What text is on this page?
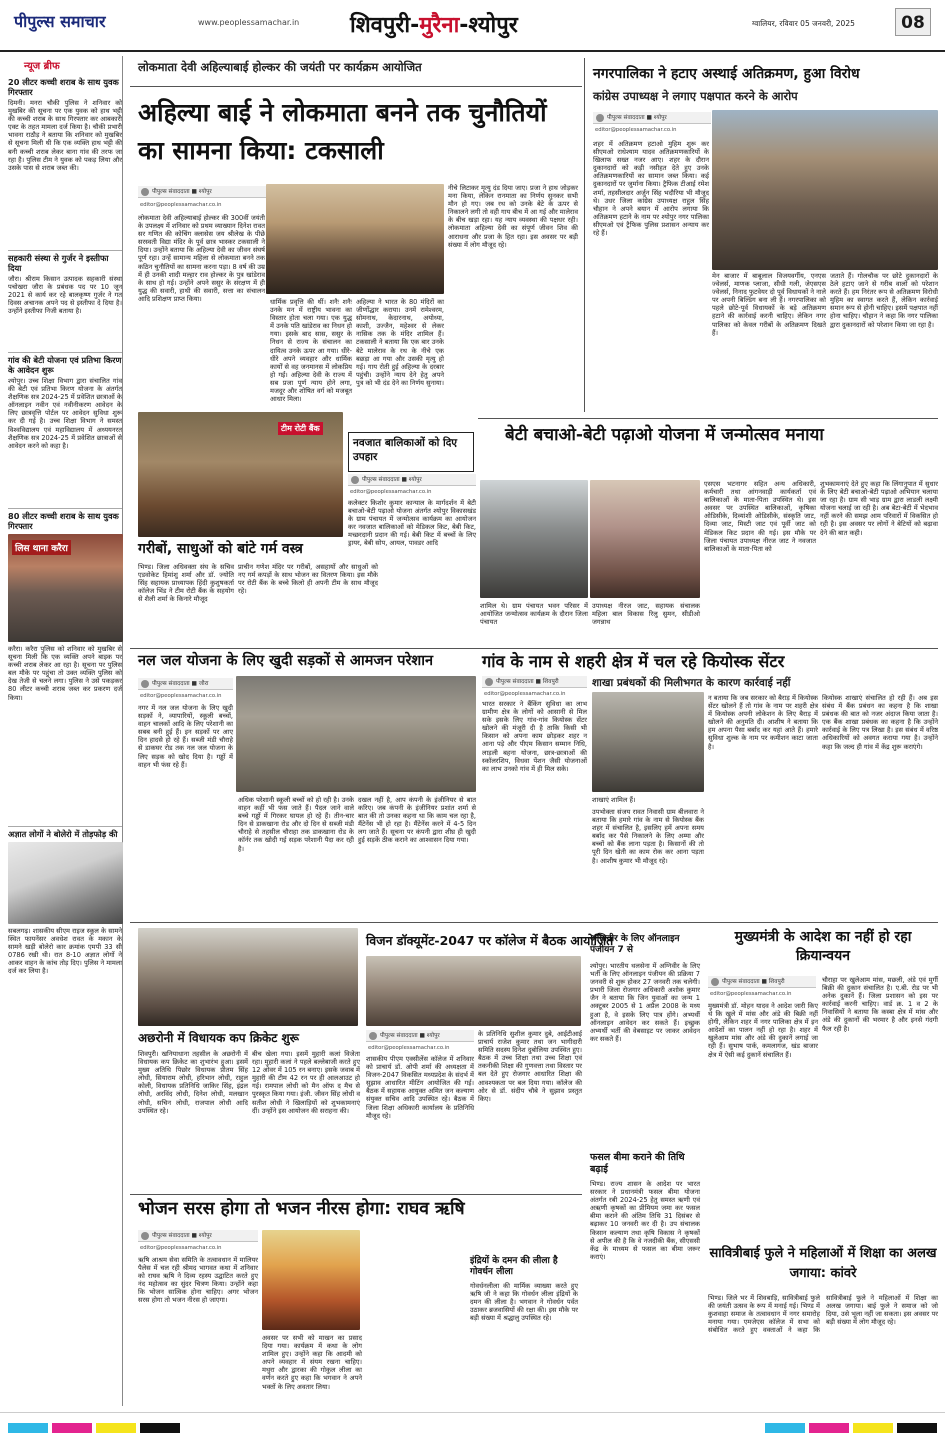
पीपुल्स समाचार	www.peoplessamachar.in शिवपुरी-मुरैना-श्योपुर	ग्वालियर, रविवार 05 जनवरी, 2025	08
न्यूज ब्रीफ
20 लीटर कच्ची शराब के साथ युवक गिरफ्तार
दिमनी। मनरा चौकी पुलिस ने शनिवार को मुखबिर की सूचना पर एक युवक को हाथ भट्टी की कच्ची शराब के साथ गिरफ्तार कर आबकारी एक्ट के तहत मामला दर्ज किया है। चौकी प्रभारी भावना राठौड़ ने बताया कि शनिवार को मुखबिर से सूचना मिली थी कि एक व्यक्ति हाथ भट्टी की बनी कच्ची शराब लेकर बाना गांव की तरफ जा रहा है। पुलिस टीम ने युवक को पकड़ लिया और उसके पास से शराब जब्त की।
सहकारी संस्था से गुर्जर ने इस्तीफा दिया
जौरा। श्रीराम किसान उत्पादक सहकारी संस्था पचोखरा जौरा के प्रबंधक पद पर 10 जून 2021 से कार्य कर रहे बालकृष्ण गुर्जर ने गत दिवस अचानक अपने पद से इस्तीफा दे दिया है। उन्होंने इस्तीफा निजी बताया है।
गांव की बेटी योजना एवं प्रतिभा किरण के आवेदन शुरू
श्योपुर। उच्च शिक्षा विभाग द्वारा संचालित गांव की बेटी एवं प्रतिभा किरण योजना के अंतर्गत शैक्षणिक सत्र 2024-25 में प्रवेशित छात्राओं के ऑनलाइन नवीन एवं नवीनीकरण आवेदन के लिए छात्रवृत्ति पोर्टल पर आवेदन सुविधा शुरू कर दी गई है। उच्च शिक्षा विभाग ने समस्त विश्वविद्यालय एवं महाविद्यालय में अध्ययनरत शैक्षणिक सत्र 2024-25 में प्रवेशित छात्राओं से आवेदन करने को कहा है।
80 लीटर कच्ची शराब के साथ युवक गिरफ्तार
लिस थाना करैरा
करैरा। करैरा पुलिस को शनिवार को मुखबिर से सूचना मिली कि एक व्यक्ति अपने बाइक पर कच्ची शराब लेकर आ रहा है। सूचना पर पुलिस बल मौके पर पहुंचा तो उक्त व्यक्ति पुलिस को देख तेजी से चलने लगा। पुलिस ने उसे पकड़कर 80 लीटर कच्ची शराब जब्त कर प्रकरण दर्ज किया।
अज्ञात लोगों ने बोलेरो में तोड़फोड़ की
सबलगढ़। शासकीय सीएम राइज स्कूल के सामने स्थित फायनेंसर अवधेश रावत के मकान के सामने खड़ी बोलेरो कार क्रमांक एमपी 33 सी 0786 रखी थी। रात 8-10 अज्ञात लोगों ने आकर वाहन के कांच तोड़ दिए। पुलिस ने मामला दर्ज कर लिया है।
लोकमाता देवी अहिल्याबाई होल्कर की जयंती पर कार्यक्रम आयोजित
अहिल्या बाई ने लोकमाता बनने तक चुनौतियों का सामना किया: टकसाली
पीपुल्स संवाददाता ■ श्योपुर
editor@peoplessamachar.co.in
लोकमाता देवी अहिल्याबाई होल्कर की 300वीं जयंती के उपलक्ष्य में शनिवार को प्रथम व्याख्यान दिनेश रावत सर गणित की कोचिंग क्लासेस जय श्रीलेख के पीछे सरस्वती विद्या मंदिर के पूर्व छात्र भास्कर टकसाली ने दिया। उन्होंने बताया कि अहिल्या देवी का जीवन संघर्ष पूर्ण रहा। उन्हें सामान्य महिला से लोकमाता बनने तक कठिन चुनौतियों का सामना करना पड़ा। 8 वर्ष की उम्र में ही उनकी शादी मल्हार राव होल्कर के पुत्र खांडेराव के साथ हो गई। उन्होंने अपने ससुर के संरक्षण में ही युद्ध की सवारी, हाथी की सवारी, सत्ता का संचालन आदि प्रशिक्षण प्राप्त किया।	धार्मिक प्रवृत्ति की थीं। शनैः शनैः उनके मन में राष्ट्रीय भावना का विस्तार होता चला गया। एक युद्ध में उनके पति खांडेराव का निधन हो गया। इसके बाद सास, ससुर के निधन से राज्य के संचालन का दायित्व उनके ऊपर आ गया। धीरे-धीरे अपने व्यवहार और धार्मिक कार्यों से वह जनमानस में लोकप्रिय हो गईं। अहिल्या देवी के राज्य में सब प्रजा पूर्ण न्याय होने लगा, मजदूर और शोषित वर्ग को मजबूत आधार मिला।
अहिल्या ने भारत के 80 मंदिरों का जीर्णोद्धार कराया। उनमें रामेश्वरम, सोमनाथ, केदारनाथ, अयोध्या, काशी, उज्जैन, महेश्वर से लेकर नासिक तक के मंदिर शामिल हैं। टकसाली ने बताया कि एक बार उनके बेटे मालेराव के रथ के नीचे एक बछड़ा आ गया और उसकी मृत्यु हो गई। गाय रोती हुई अहिल्या के दरबार पहुंची। उन्होंने न्याय देने हेतु अपने पुत्र को भी दंड देने का निर्णय सुनाया।
नीचे लिटाकर मृत्यु दंड दिया जाए। प्रजा ने हाथ जोड़कर मना किया, लेकिन रानमाता का निर्णय सुनकर सभी मौन हो गए। जब रथ को उनके बेटे के ऊपर से निकालने लगी तो वही गाय बीच में आ गई और मालेराव के बीच खड़ा रहा। यह न्याय व्यवस्था की पक्षधर रही। लोकमाता अहिल्या देवी का संपूर्ण जीवन शिव की आराधना और प्रजा के हित रहा। इस अवसर पर बड़ी संख्या में लोग मौजूद रहे।
टीम रोटी बैंक
गरीबों, साधुओं को बांटे गर्म वस्त्र
भिण्ड। जिला अधिवक्ता संघ के सचिव एडवोकेट हिमांशु शर्मा और डॉ. ज्योति सिंह सहायक प्राध्यापक हिंदी कुशुषकर्ता कॉलेज भिंड ने टीम रोटी बैंक के सहयोग से शैली शर्मा के किनारे मौजूद
प्राचीन गणेश मंदिर पर गरीबों, असहायों और साधुओं को नए गर्म कपड़ों के साथ भोजन का वितरण किया। इस मौके पर रोटी बैंक के बच्चे किलो ही अपनी टीम के साथ मौजूद रहे।
नवजात बालिकाओं को दिए उपहार
पीपुल्स संवाददाता ■ श्योपुर
editor@peoplessamachar.co.in
कलेक्टर किशोर कुमार कान्याल के मार्गदर्शन में बेटी बचाओ-बेटी पढ़ाओ योजना अंतर्गत श्योपुर विकासखंड के ग्राम पंचायत में जन्मोत्सव कार्यक्रम का आयोजन कर नवजात बालिकाओं को मेडिकल किट, बेबी किट, मच्छरदानी प्रदान की गई। बेबी किट में बच्चों के लिए ड्रायर, बेबी सोप, आयल, पावडर आदि
नगरपालिका ने हटाए अस्थाई अतिक्रमण, हुआ विरोध
कांग्रेस उपाध्यक्ष ने लगाए पक्षपात करने के आरोप
पीपुल्स संवाददाता ■ श्योपुर
editor@peoplessamachar.co.in
शहर में अतिक्रमण हटाओ मुहिम शुरू कर सीएमओ राधेश्याम यादव अतिक्रमणकारियों के खिलाफ सख्त नजर आए। शहर के दौरान दुकानदारों को कड़ी नसीहत देते हुए उनके अतिक्रमणकारियों का सामान जब्त किया। कई दुकानदारों पर जुर्माना किया। ट्रैफिक टीआई रमेश शर्मा, तहसीलदार अर्जुन सिंह भदौरिया भी मौजूद थे। उधर जिला कांग्रेस उपाध्यक्ष राहुल सिंह चौहान ने अपने बयान में आरोप लगाया कि अतिक्रमण हटाने के नाम पर श्योपुर नगर पालिका सीएमओ एवं ट्रैफिक पुलिस प्रशासन अन्याय कर रहे हैं।
मेन बाजार में बाबूलाल विजयवर्गीय, एनएस ज्वेलर्स, माणक प्लाजा, सीधी गली, जेएसएस ज्वेलर्स, निनाद फुटवेयर दो पूर्व विधायकों ने नाले पर अपनी बिल्डिंग बना ली हैं। नगरपालिका को पहले छोटे-पूर्व विधायकों के बड़े अतिक्रमण हटाने की कार्रवाई करनी चाहिए। लेकिन नगर पालिका को केवल गरीबों के अतिक्रमण दिखते हैं।
जताते हैं। गोलचौक पर छोटे दुकानदारों के ठेले हटाए जाने से गरीब वालों को परेशान करते हैं। हम निरंतर रूप से अतिक्रमण विरोधी मुहिम का स्वागत करते हैं, लेकिन कार्रवाई समान रूप से होनी चाहिए। इसमें पक्षपात नहीं होना चाहिए। चौहान ने कहा कि नगर पालिका द्वारा दुकानदारों को परेशान किया जा रहा है।
बेटी बचाओ-बेटी पढ़ाओ योजना में जन्मोत्सव मनाया
शामिल थे। ग्राम पंचायत भवन परिसर में आयोजित जन्मोत्सव कार्यक्रम के दौरान जिला पंचायत
उपाध्यक्ष नीरज जाट, सहायक संचालक महिला बाल विकास रिलु सुमन, सीडीओ जगन्नाथ
एसएस भटनागर सहित अन्य अधिकारी, कर्मचारी तथा आंगनवाड़ी कार्यकर्ता एवं बालिकाओं के माता-पिता उपस्थित थे। इस अवसर पर उपस्थित बालिकाओं, कृषिका ओडिसीके, दिव्यांशी ओडिसीके, संस्कृति जाट, दिव्या जाट, मिस्टी जाट एवं पूर्वी जाट को मेडिकल किट प्रदान की गई। इस मौके पर जिला पंचायत उपाध्यक्ष नीरज जाट ने नवजात बालिकाओं के माता-पिता को
शुभकामनाएं देते हुए कहा कि लिंगानुपात में सुधार के लिए बेटी बचाओ-बेटी पढ़ाओ अभियान चलाया जा रहा है। ग्राम सी भाड़ ग्राम द्वारा लाडली लक्ष्मी योजना चलाई जा रही है। अब बेटा-बेटी में भेदभाव नहीं करने की समझ आम परिवारों में विकसित हो रही है। इस अवसर पर लोगों ने बेटियों को बढ़ावा देने की बात कही।
नल जल योजना के लिए खुदी सड़कों से आमजन परेशान
पीपुल्स संवाददाता ■ जौरा
editor@peoplessamachar.co.in
नगर में नल जल योजना के लिए खुदी सड़कों ने, व्यापारियों, स्कूली बच्चों, वाहन चालकों आदि के लिए परेशानी का सबब बनी हुई हैं। इन सड़कों पर आए दिन हादसे हो रहे हैं। सब्जी मंडी चौराहे से डाकघर रोड तक नल जल योजना के लिए सड़क को खोद दिया है। गड्ढों में वाहन भी फंस रहे हैं।
अधिक परेशानी स्कूली बच्चों को हो रही है। उनके वाहन कहीं भी फंस जाते हैं। पैदल जाने वाले बच्चे गड्ढों में गिरकर घायल हो रहे हैं। तीन-चार दिन से डाकखाना रोड और दो दिन से सब्जी मंडी चौराहे से तहसील चौराहा तक डाकखाना रोड के कॉर्नर तक खोदी गई सड़क परेशानी पैदा कर रही है।
दखल नहीं है, आप कंपनी के इंजीनियर से बात करिए। जब कंपनी के इंजीनियर प्रशांत शर्मा से बात की तो उनका कहना था कि काम चल रहा है, मैंटेनेंस भी हो रहा है। मैंटेनेंस करने में 4-5 दिन लग जाते हैं। सूचना पर कंपनी द्वारा शीघ्र ही खुदी हुई सड़कें ठीक कराने का आश्वासन दिया गया।
गांव के नाम से शहरी क्षेत्र में चल रहे कियोस्क सेंटर
शाखा प्रबंधकों की मिलीभगत के कारण कार्रवाई नहीं
पीपुल्स संवाददाता ■ शिवपुरी
editor@peoplessamachar.co.in
भारत सरकार ने बैंकिंग सुविधा का लाभ ग्रामीण क्षेत्र के लोगों को आसानी से मिल सके इसके लिए गांव-गांव कियोस्क सेंटर खोलने की मंजूरी दी है ताकि किसी भी किसान को अपना काम छोड़कर शहर न आना पड़े और पीएम किसान सम्मान निधि, लाड़ली बहना योजना, छात्र-छात्राओं की स्कॉलरशिप, विधवा पेंशन जैसी योजनाओं का लाभ उनको गांव में ही मिल सके।
शाखाएं शामिल हैं।
उपभोक्ता संजय रावत निवासी ग्राम बीलवारा ने बताया कि हमारे गांव के नाम से कियोस्क बैंक शहर में संचालित है, इसलिए हमें अपना समय बर्बाद कर पैसे निकालने के लिए अम्मा और बच्चों को बैंक लाना पड़ता है। किसानों की तो पूरी दिन खेती का काम रोक कर आना पड़ता है। आशीष कुमार भी मौजूद रहे।
न बताया कि जब सरकार को बैराड़ में कियोस्क सेंटर खोलने हैं तो गांव के नाम पर शहरी क्षेत्र में कियोस्क अपनी लोकेशन के लिए बैराड़ में खोलने की अनुमति दी। आशीष ने बताया कि हम अपना पैसा बर्बाद कर यहां आते हैं। हमारे सुविधा शुल्क के नाम पर कमीशन काटा जाता है।
कियोस्क शाखाएं संचालित हो रही हैं। अब इस संबंध में बैंक प्रबंधन का कहना है कि शाखा प्रबंधक की बात को नजर अंदाज किया जाता है। एक बैंक शाखा प्रबंधक का कहना है कि उन्होंने कार्रवाई के लिए पत्र लिखा है। इस संबंध में वरिष्ठ अधिकारियों को अवगत कराया गया है। उन्होंने कहा कि जल्द ही गांव में केंद्र शुरू कराएंगे।
अछरोनी में विधायक कप क्रिकेट शुरू
शिवपुरी। खनियाधाना तहसील के अछरोनी में विधायक कप क्रिकेट का शुभारंभ हुआ। इसमें मुख्य अतिथि पिछोर विधायक प्रीतम सिंह लोधी, सियाराम लोधी, हरिभान लोधी, राहुल कोली, विधायक प्रतिनिधि जाकिर सिंह, इंद्रल लोधी, अरविंद लोधी, दिनेश लोधी, मलखान लोधी, सचिन लोधी, राजपाल लोधी आदि उपस्थित रहे।
बीच खेला गया। इसमें मुहारी कलां विजेता रहा। मुहारी कलां ने पहले बल्लेबाजी करते हुए 12 ओवर में 105 रन बनाए। इसके जवाब में मुहारी की टीम 42 रन पर ही आलआउट हो गई। रामपाल लोधी को मैन ऑफ द मैच से पुरस्कृत किया गया। इंजी. जीवन सिंह लोधी व सतीश लोधी ने खिलाड़ियों को शुभकामनाएं दीं। उन्होंने इस आयोजन की सराहना की।
विजन डॉक्यूमेंट-2047 पर कॉलेज में बैठक आयोजित
पीपुल्स संवाददाता ■ श्योपुर
editor@peoplessamachar.co.in
शासकीय पीएम एक्सीलेंस कॉलेज में शनिवार को प्राचार्य डॉ. ओपी शर्मा की अध्यक्षता में विजन-2047 विकसित मध्यप्रदेश के संदर्भ में सुझाव आधारित मीटिंग आयोजित की गई। बैठक में सहायक आयुक्त अमित जन कल्याण संयुक्त सचिव आदि उपस्थित रहे। बैठक में जिला शिक्षा अधिकारी कार्यालय के प्रतिनिधि मौजूद रहे।
के प्रतिनिधि सुशील कुमार दुबे, आईटीआई प्राचार्य राजेश कुमार तथा जन भागीदारी समिति सदस्य दिनेश दुबोलिया उपस्थित हुए। बैठक में उच्च शिक्षा तथा उच्च शिक्षा एवं तकनीकी शिक्षा की गुणवत्ता तथा विस्तार पर बल देते हुए रोजगार आधारित शिक्षा की आवश्यकता पर बल दिया गया। कॉलेज की ओर से डॉ. संदीप चौबे ने सुझाव प्रस्तुत किए।
अग्निवीर के लिए ऑनलाइन पंजीयन 7 से
श्योपुर। भारतीय थलसेना में अग्निवीर के लिए भर्ती के लिए ऑनलाइन पंजीयन की प्रक्रिया 7 जनवरी से शुरू होकर 27 जनवरी तक चलेगी। प्रभारी जिला रोजगार अधिकारी अशोक कुमार जैन ने बताया कि जिन युवाओं का जन्म 1 अक्टूबर 2005 से 1 अप्रैल 2008 के मध्य हुआ है, वे इसके लिए पात्र होंगे। अभ्यर्थी ऑनलाइन आवेदन कर सकते हैं। इच्छुक अभ्यर्थी भर्ती की वेबसाइट पर जाकर आवेदन कर सकते हैं।
फसल बीमा कराने की तिथि बढ़ाई
भिण्ड। राज्य शासन के आदेश पर भारत सरकार ने प्रधानमंत्री फसल बीमा योजना अंतर्गत रबी 2024-25 हेतु समस्त ऋणी एवं अऋणी कृषकों का प्रीमियम जमा कर फसल बीमा कराने की अंतिम तिथि 31 दिसंबर से बढ़ाकर 10 जनवरी कर दी है। उप संचालक किसान कल्याण तथा कृषि विकास ने कृषकों से अपील की है कि वे नजदीकी बैंक, सीएससी केंद्र के माध्यम से फसल का बीमा जरूर कराएं।
मुख्यमंत्री के आदेश का नहीं हो रहा क्रियान्वयन
पीपुल्स संवाददाता ■ शिवपुरी
editor@peoplessamachar.co.in
मुख्यमंत्री डॉ. मोहन यादव ने आदेश जारी किए थे कि खुले में मांस और अंडे की बिक्री नहीं होगी, लेकिन शहर में नगर पालिका क्षेत्र में इन आदेशों का पालन नहीं हो रहा है। शहर में खुलेआम मांस और अंडे की दुकानें लगाई जा रही हैं। सुभाष पार्क, कमलागंज, खंड बाजार क्षेत्र में ऐसी कई दुकानें संचालित हैं।
चौराहा पर खुलेआम मांस, मछली, अंडे एवं मुर्गी बिक्री की दुकान संचालित है। ए.बी. रोड पर भी अनेक दुकानें हैं। जिला प्रशासन को इस पर कार्रवाई करनी चाहिए। वार्ड क्र. 1 व 2 के निवासियों ने बताया कि कस्बा क्षेत्र में मांस और अंडे की दुकानों की भरमार है और इनसे गंदगी फैल रही है।
भोजन सरस होगा तो भजन नीरस होगा: राघव ऋषि
पीपुल्स संवाददाता ■ श्योपुर
editor@peoplessamachar.co.in
ऋषि आश्रम सेवा समिति के तत्वावधान में मालियर पैलेस में चल रही श्रीमद भागवत कथा में शनिवार को राघव ऋषि ने दिव्य रहस्य उद्घाटित करते हुए नंद महोत्सव का सुंदर चित्रण किया। उन्होंने कहा कि भोजन सात्विक होना चाहिए। अगर भोजन सरस होगा तो भजन नीरस हो जाएगा।
अवसर पर सभी को माखन का प्रसाद दिया गया। कार्यक्रम में कथा के लोग शामिल हुए। उन्होंने कहा कि आदमी को अपने व्यवहार में संयम रखना चाहिए। मथुरा और द्वारका की गोकुल लीला का वर्णन करते हुए कहा कि भगवान ने अपने भक्तों के लिए अवतार लिया।
इंद्रियों के दमन की लीला है गोवर्धन लीला
गोवर्धनलीला की मार्मिक व्याख्या करते हुए ऋषि जी ने कहा कि गोवर्धन लीला इंद्रियों के दमन की लीला है। भगवान ने गोवर्धन पर्वत उठाकर ब्रजवासियों की रक्षा की। इस मौके पर बड़ी संख्या में श्रद्धालु उपस्थित रहे।
सावित्रीबाई फुले ने महिलाओं में शिक्षा का अलख जगाया: कांवरे
भिण्ड। जिले भर में शिवबाड़ि, सावित्रीबाई फुले की जयंती उत्सव के रूप में मनाई गई। भिण्ड में कुशवाहा समाज के तत्वावधान में नगर समारोह मनाया गया। एमजेएस कॉलेज में सभा को संबोधित करते हुए वक्ताओं ने कहा कि सावित्रीबाई फुले ने महिलाओं में शिक्षा का अलख जगाया। बाई फुले ने समाज को जो दिया, उसे भूला नहीं जा सकता। इस अवसर पर बड़ी संख्या में लोग मौजूद रहे।
